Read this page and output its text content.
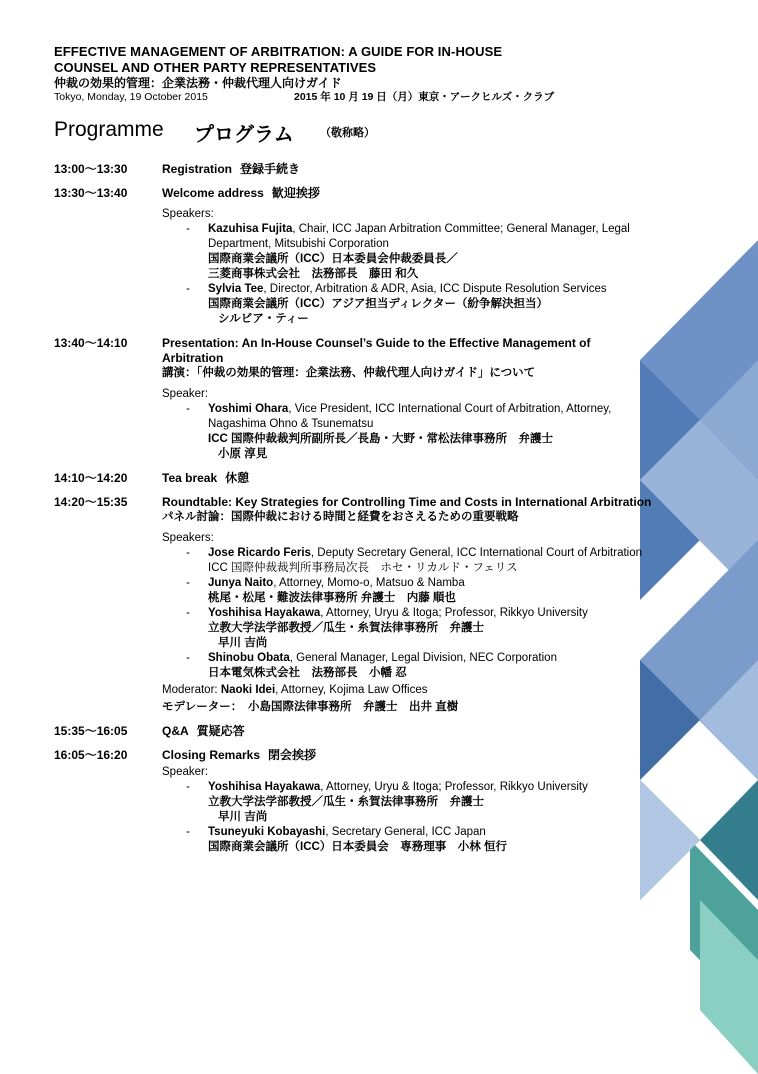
EFFECTIVE MANAGEMENT OF ARBITRATION: A GUIDE FOR IN-HOUSE
COUNSEL AND OTHER PARTY REPRESENTATIVES
仲裁の効果的管理：企業法務・仲裁代理人向けガイド
Tokyo, Monday, 19 October 2015	2015 年 10 月 19 日（月）東京・アークヒルズ・クラブ
Programme プログラム （敬称略）
13:00～13:30	Registration 登録手続き
13:30～13:40	Welcome address 歓迎挨拶
Speakers:
-	Kazuhisa Fujita, Chair, ICC Japan Arbitration Committee; General Manager, Legal Department, Mitsubishi Corporation
国際商業会議所（ICC）日本委員会仲裁委員長／
三菱商事株式会社　法務部長　藤田 和久
-	Sylvia Tee, Director, Arbitration & ADR, Asia, ICC Dispute Resolution Services
国際商業会議所（ICC）アジア担当ディレクター（紛争解決担当）
シルビア・ティー
13:40～14:10	Presentation: An In-House Counsel’s Guide to the Effective Management of Arbitration
講演：「仲裁の効果的管理：企業法務、仲裁代理人向けガイド」について
Speaker:
-	Yoshimi Ohara, Vice President, ICC International Court of Arbitration, Attorney, Nagashima Ohno & Tsunematsu
ICC 国際仲裁裁判所副所長／長島・大野・常松法律事務所　弁護士
小原 淳見
14:10～14:20	Tea break 休憩
14:20～15:35	Roundtable: Key Strategies for Controlling Time and Costs in International Arbitration
パネル討論：国際仲裁における時間と経費をおさえるための重要戦略
Speakers:
-	Jose Ricardo Feris, Deputy Secretary General, ICC International Court of Arbitration
ICC 国際仲裁裁判所事務局次長　ホセ・リカルド・フェリス
-	Junya Naito, Attorney, Momo-o, Matsuo & Namba
桃尾・松尾・難波法律事務所 弁護士　内藤 順也
-	Yoshihisa Hayakawa, Attorney, Uryu & Itoga; Professor, Rikkyo University
立教大学法学部教授／瓜生・糸賀法律事務所　弁護士
早川 吉尚
-	Shinobu Obata, General Manager, Legal Division, NEC Corporation
日本電気株式会社　法務部長　小幡 忍
Moderator: Naoki Idei, Attorney, Kojima Law Offices
モデレーター：　小島国際法律事務所　弁護士　出井 直樹
15:35～16:05	Q&A 質疑応答
16:05～16:20	Closing Remarks 閉会挨拶
Speaker:
-	Yoshihisa Hayakawa, Attorney, Uryu & Itoga; Professor, Rikkyo University
立教大学法学部教授／瓜生・糸賀法律事務所　弁護士
早川 吉尚
-	Tsuneyuki Kobayashi, Secretary General, ICC Japan
国際商業会議所（ICC）日本委員会　専務理事　小林 恒行
